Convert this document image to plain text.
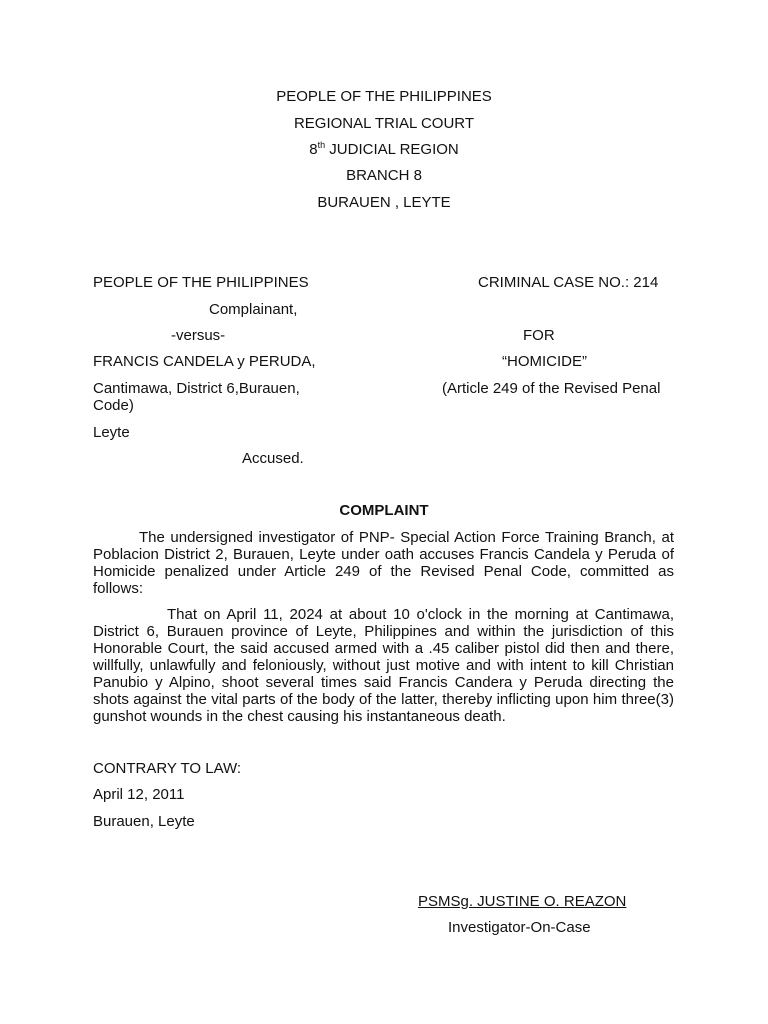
PEOPLE OF THE PHILIPPINES
REGIONAL TRIAL COURT
8th JUDICIAL REGION
BRANCH 8
BURAUEN , LEYTE
PEOPLE OF THE PHILIPPINES
Complainant,
-versus-
FRANCIS CANDELA y PERUDA,
Cantimawa, District 6,Burauen,
Code)
Leyte
Accused.
CRIMINAL CASE NO.: 214
FOR
“HOMICIDE”
(Article 249 of the Revised Penal
COMPLAINT
The undersigned investigator of PNP- Special Action Force Training Branch, at Poblacion District 2, Burauen, Leyte under oath accuses Francis Candela y Peruda of Homicide penalized under Article 249 of the Revised Penal Code, committed as follows:
That on April 11, 2024 at about 10 o'clock in the morning at Cantimawa, District 6, Burauen province of Leyte, Philippines and within the jurisdiction of this Honorable Court, the said accused armed with a .45 caliber pistol did then and there, willfully, unlawfully and feloniously, without just motive and with intent to kill Christian Panubio y Alpino, shoot several times said Francis Candera y Peruda directing the shots against the vital parts of the body of the latter, thereby inflicting upon him three(3) gunshot wounds in the chest causing his instantaneous death.
CONTRARY TO LAW:
April 12, 2011
Burauen, Leyte
PSMSg. JUSTINE O. REAZON
Investigator-On-Case
